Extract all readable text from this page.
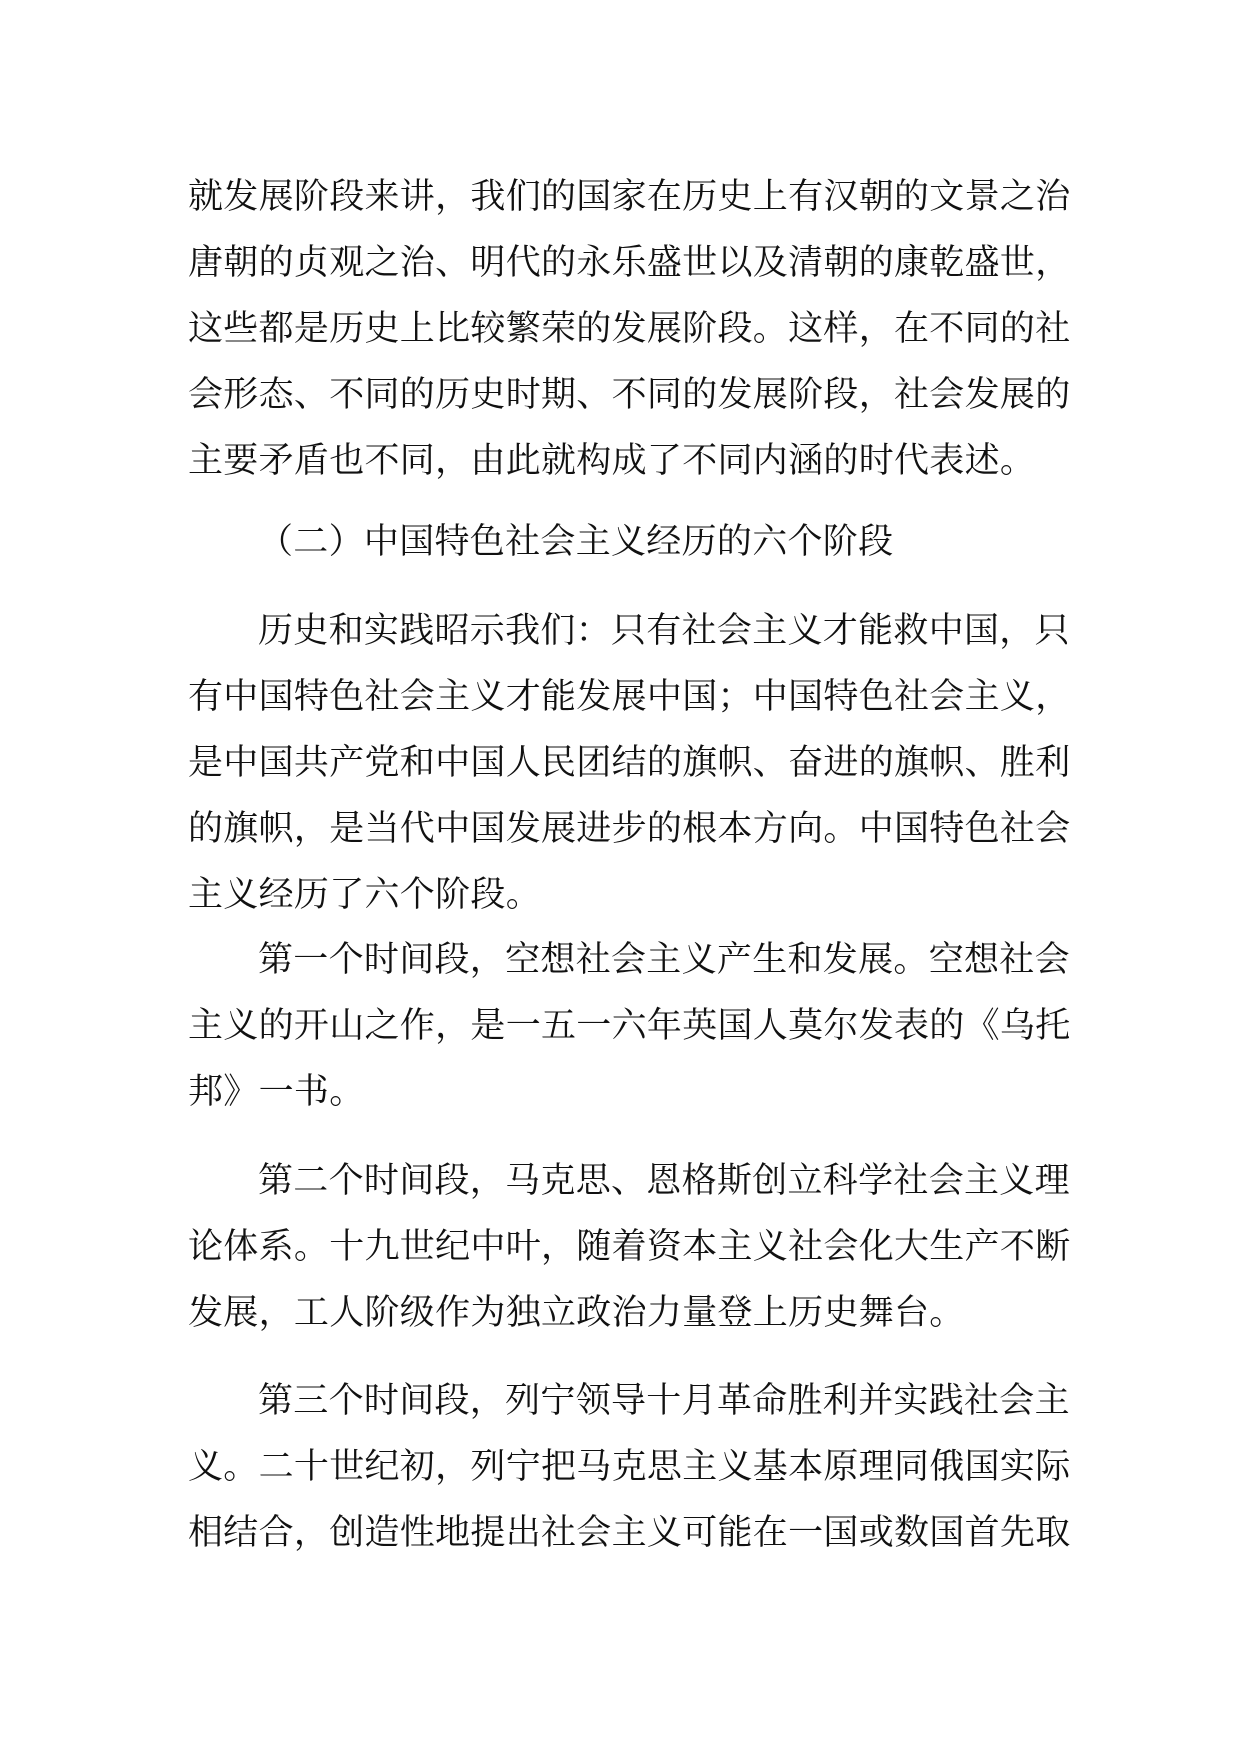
就发展阶段来讲，我们的国家在历史上有汉朝的文景之治
唐朝的贞观之治、明代的永乐盛世以及清朝的康乾盛世，
这些都是历史上比较繁荣的发展阶段。这样，在不同的社
会形态、不同的历史时期、不同的发展阶段，社会发展的
主要矛盾也不同，由此就构成了不同内涵的时代表述。
（二）中国特色社会主义经历的六个阶段
历史和实践昭示我们：只有社会主义才能救中国，只
有中国特色社会主义才能发展中国；中国特色社会主义，
是中国共产党和中国人民团结的旗帜、奋进的旗帜、胜利
的旗帜，是当代中国发展进步的根本方向。中国特色社会
主义经历了六个阶段。
第一个时间段，空想社会主义产生和发展。空想社会
主义的开山之作，是一五一六年英国人莫尔发表的《乌托
邦》一书。
第二个时间段，马克思、恩格斯创立科学社会主义理
论体系。十九世纪中叶，随着资本主义社会化大生产不断
发展，工人阶级作为独立政治力量登上历史舞台。
第三个时间段，列宁领导十月革命胜利并实践社会主
义。二十世纪初，列宁把马克思主义基本原理同俄国实际
相结合，创造性地提出社会主义可能在一国或数国首先取
